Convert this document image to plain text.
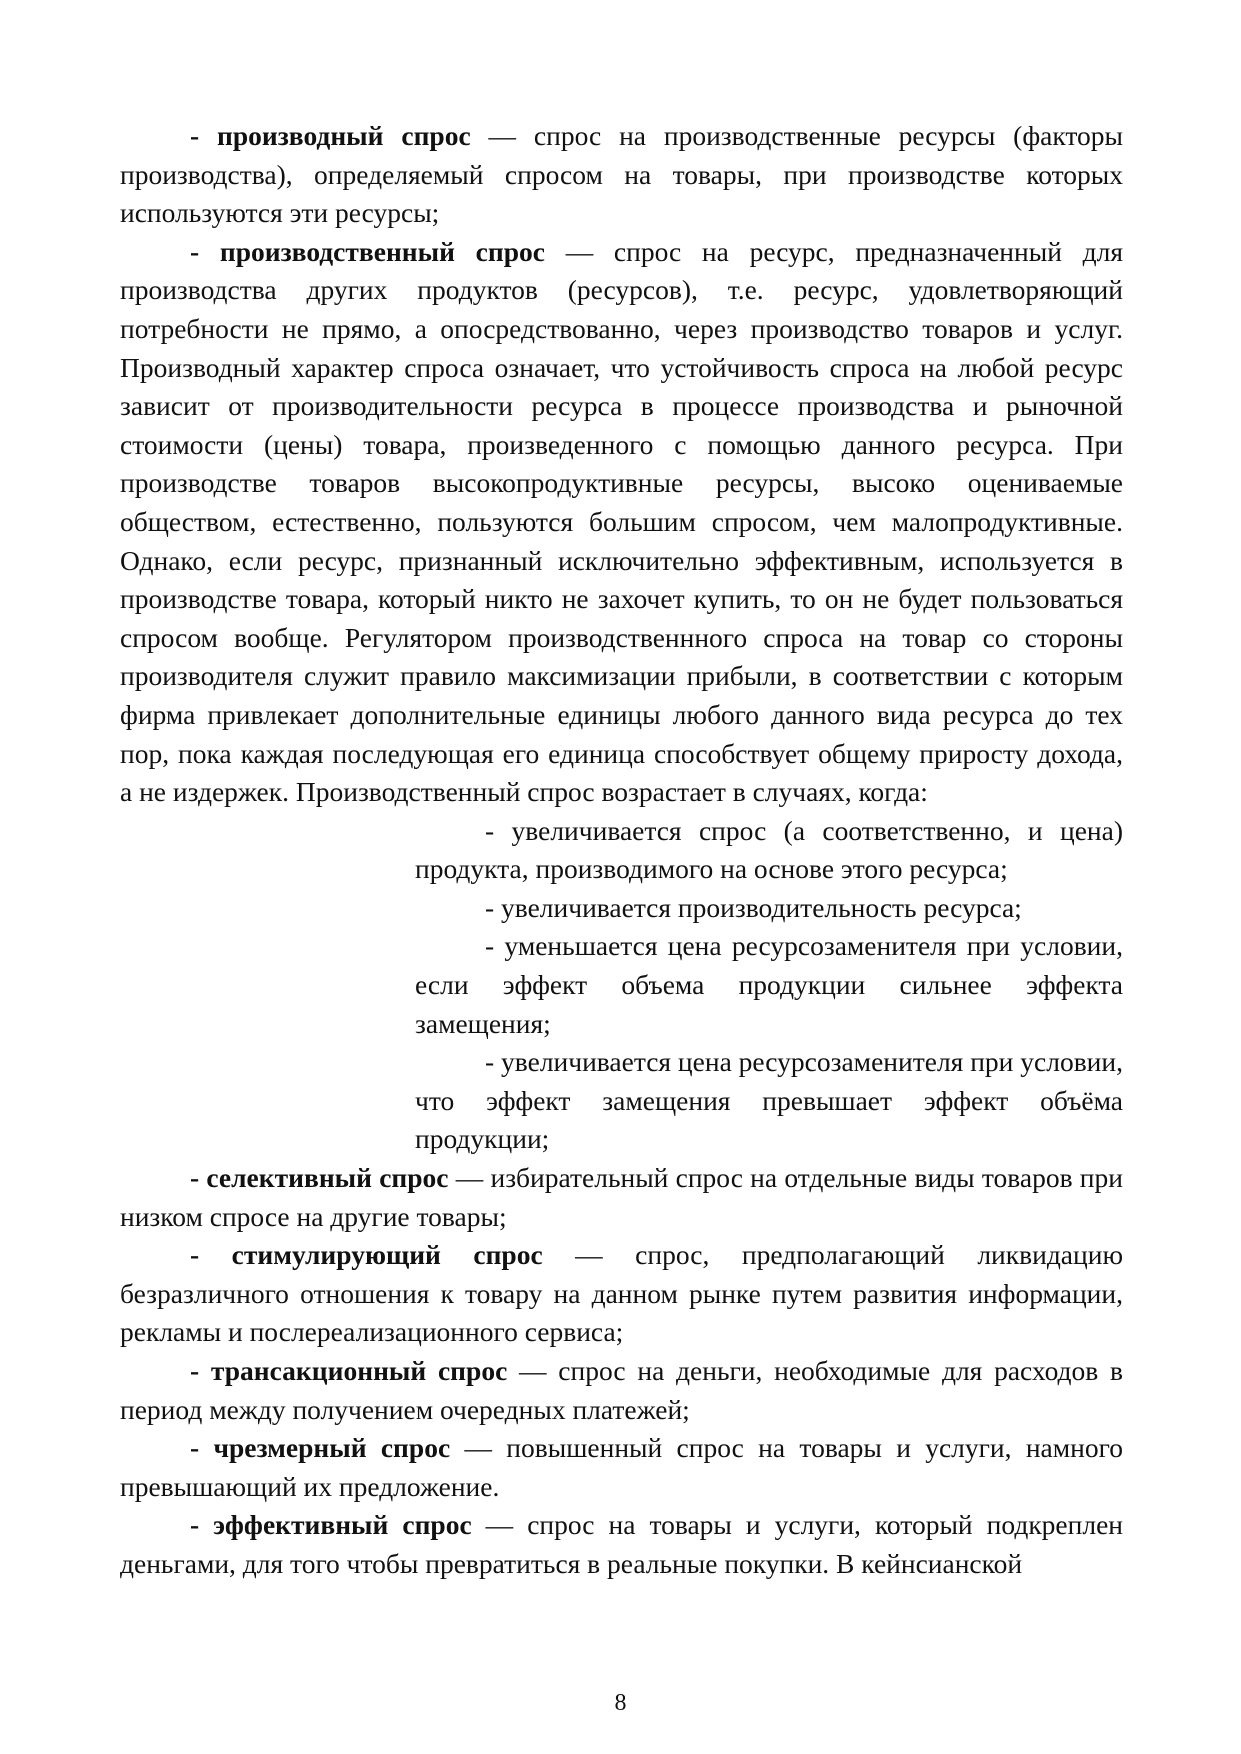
- производный спрос — спрос на производственные ресурсы (факторы производства), определяемый спросом на товары, при производстве которых используются эти ресурсы;

- производственный спрос — спрос на ресурс, предназначенный для производства других продуктов (ресурсов), т.е. ресурс, удовлетворяющий потребности не прямо, а опосредствованно, через производство товаров и услуг. Производный характер спроса означает, что устойчивость спроса на любой ресурс зависит от производительности ресурса в процессе производства и рыночной стоимости (цены) товара, произведенного с помощью данного ресурса. При производстве товаров высокопродуктивные ресурсы, высоко оцениваемые обществом, естественно, пользуются большим спросом, чем малопродуктивные. Однако, если ресурс, признанный исключительно эффективным, используется в производстве товара, который никто не захочет купить, то он не будет пользоваться спросом вообще. Регулятором производственнного спроса на товар со стороны производителя служит правило максимизации прибыли, в соответствии с которым фирма привлекает дополнительные единицы любого данного вида ресурса до тех пор, пока каждая последующая его единица способствует общему приросту дохода, а не издержек. Производственный спрос возрастает в случаях, когда:

- увеличивается спрос (а соответственно, и цена) продукта, производимого на основе этого ресурса;

- увеличивается производительность ресурса;

- уменьшается цена ресурсозаменителя при условии, если эффект объема продукции сильнее эффекта замещения;

- увеличивается цена ресурсозаменителя при условии, что эффект замещения превышает эффект объёма продукции;

- селективный спрос — избирательный спрос на отдельные виды товаров при низком спросе на другие товары;

- стимулирующий спрос — спрос, предполагающий ликвидацию безразличного отношения к товару на данном рынке путем развития информации, рекламы и послереализационного сервиса;

- трансакционный спрос — спрос на деньги, необходимые для расходов в период между получением очередных платежей;

- чрезмерный спрос — повышенный спрос на товары и услуги, намного превышающий их предложение.

- эффективный спрос — спрос на товары и услуги, который подкреплен деньгами, для того чтобы превратиться в реальные покупки. В кейнсианской

8
